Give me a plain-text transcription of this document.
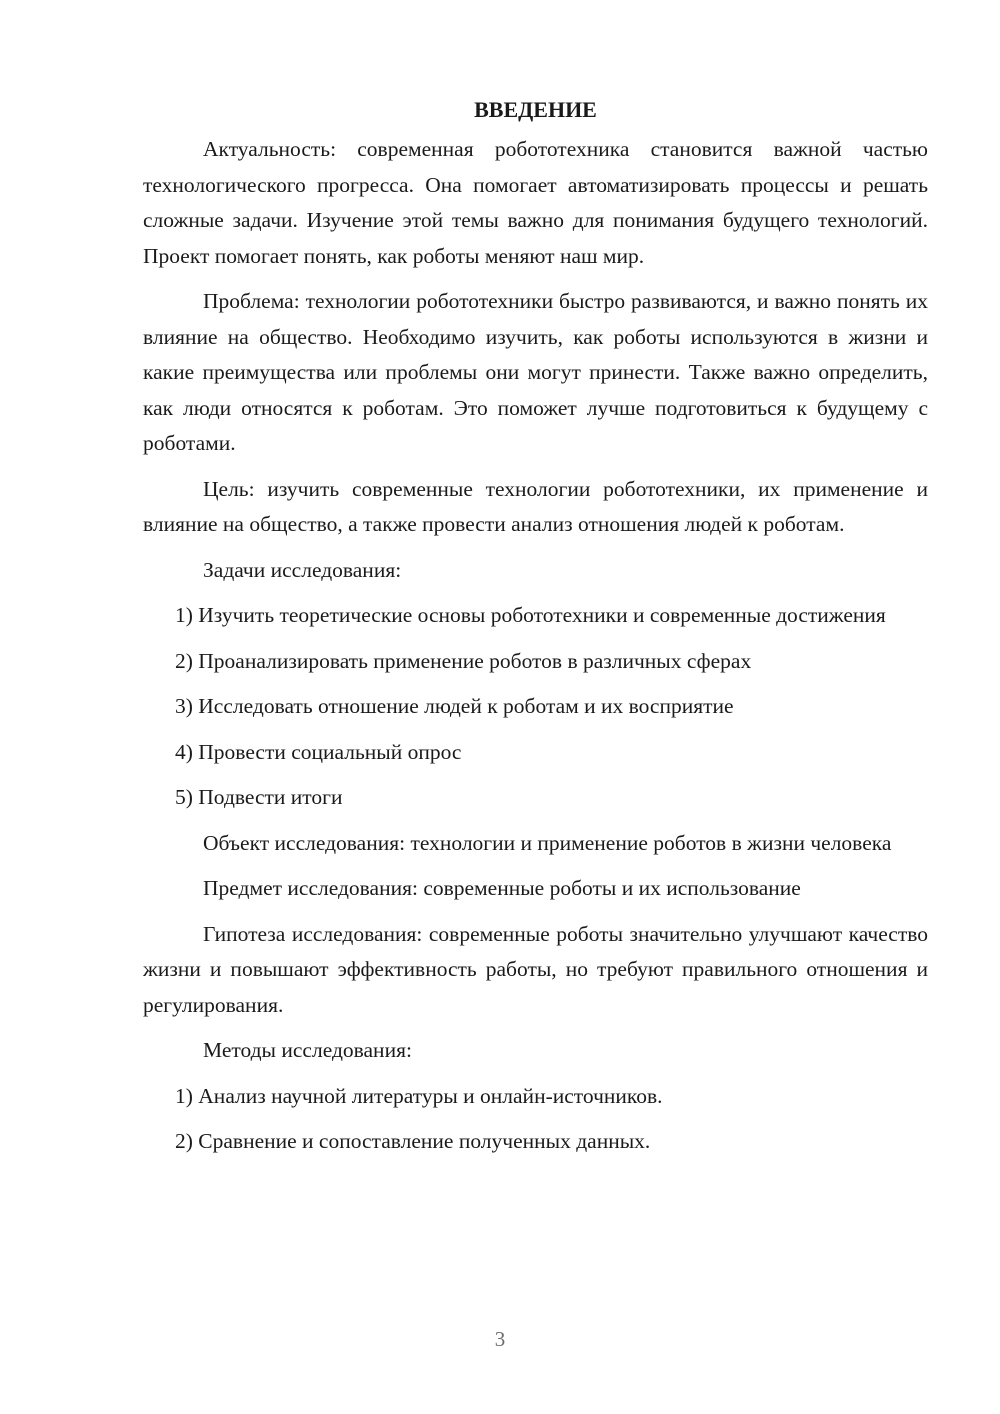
ВВЕДЕНИЕ

Актуальность: современная робототехника становится важной частью технологического прогресса. Она помогает автоматизировать процессы и решать сложные задачи. Изучение этой темы важно для понимания будущего технологий. Проект помогает понять, как роботы меняют наш мир.

Проблема: технологии робототехники быстро развиваются, и важно понять их влияние на общество. Необходимо изучить, как роботы используются в жизни и какие преимущества или проблемы они могут принести. Также важно определить, как люди относятся к роботам. Это поможет лучше подготовиться к будущему с роботами.

Цель: изучить современные технологии робототехники, их применение и влияние на общество, а также провести анализ отношения людей к роботам.

Задачи исследования:

1) Изучить теоретические основы робототехники и современные достижения

2) Проанализировать применение роботов в различных сферах

3) Исследовать отношение людей к роботам и их восприятие

4) Провести социальный опрос

5) Подвести итоги

Объект исследования: технологии и применение роботов в жизни человека

Предмет исследования: современные роботы и их использование

Гипотеза исследования: современные роботы значительно улучшают качество жизни и повышают эффективность работы, но требуют правильного отношения и регулирования.

Методы исследования:

1) Анализ научной литературы и онлайн-источников.

2) Сравнение и сопоставление полученных данных.

3
